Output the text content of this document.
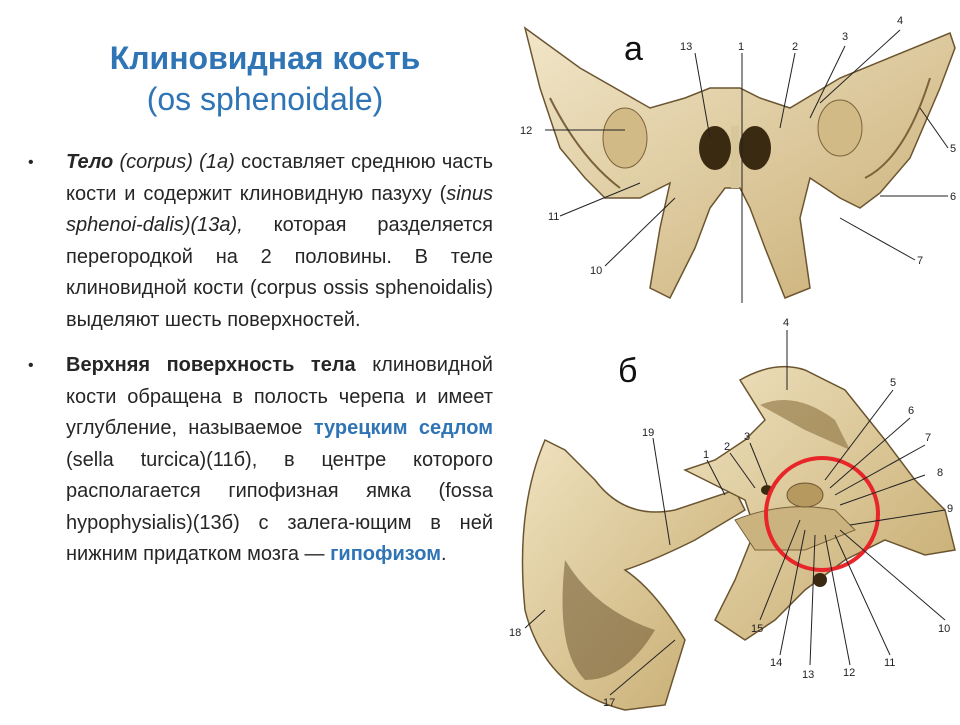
Клиновидная кость
(os sphenoidale)
• Тело (corpus) (1а) составляет среднюю часть кости и содержит клиновидную пазуху (sinus sphenoi-dalis)(13а), которая разделяется перегородкой на 2 половины. В теле клиновидной кости (corpus ossis sphenoidalis) выделяют шесть поверхностей.
• Верхняя поверхность тела клиновидной кости обращена в полость черепа и имеет углубление, называемое турецким седлом (sella turcica)(11б), в центре которого располагается гипофизная ямка (fossa hypophysialis)(13б) с залега-ющим в ней нижним придатком мозга — гипофизом.
13	1	2
3
4
12
5
6
11
7
10
а
4
5
6
7
8
9
19
1
2
3
18	15
14
13	12
11
10
17
б
